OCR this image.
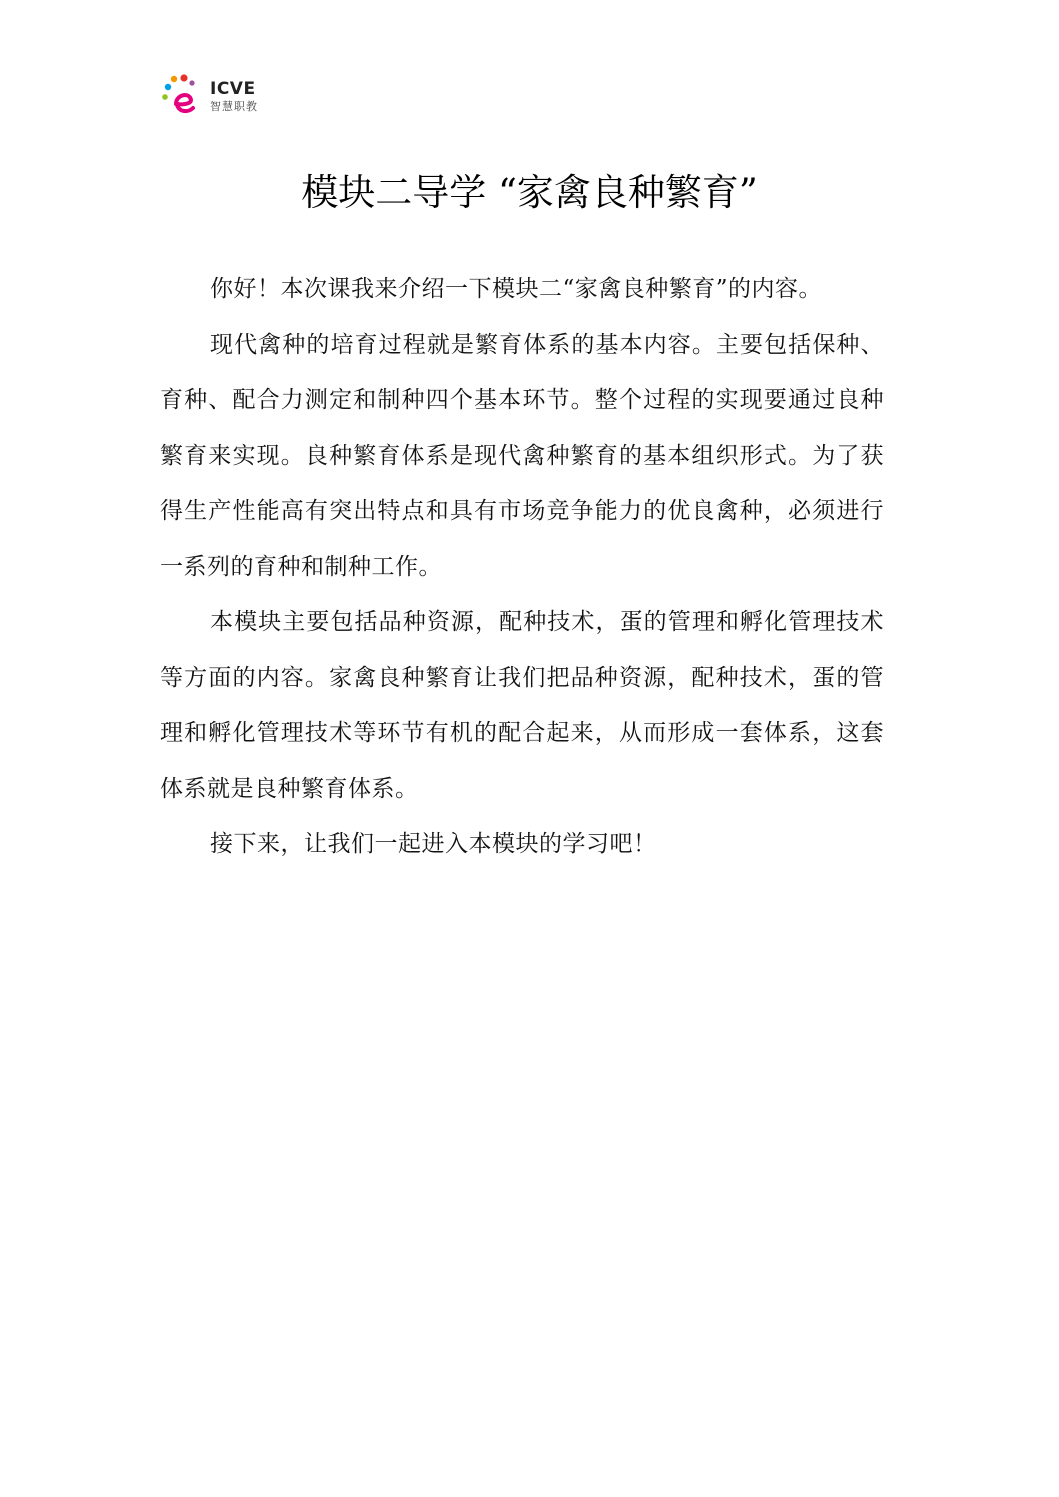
ICVE
智慧职教
模块二导学 “家禽良种繁育”

你好！本次课我来介绍一下模块二“家禽良种繁育”的内容。

现代禽种的培育过程就是繁育体系的基本内容。主要包括保种、育种、配合力测定和制种四个基本环节。整个过程的实现要通过良种繁育来实现。良种繁育体系是现代禽种繁育的基本组织形式。为了获得生产性能高有突出特点和具有市场竞争能力的优良禽种，必须进行一系列的育种和制种工作。

本模块主要包括品种资源，配种技术，蛋的管理和孵化管理技术等方面的内容。家禽良种繁育让我们把品种资源，配种技术，蛋的管理和孵化管理技术等环节有机的配合起来，从而形成一套体系，这套体系就是良种繁育体系。

接下来，让我们一起进入本模块的学习吧！
